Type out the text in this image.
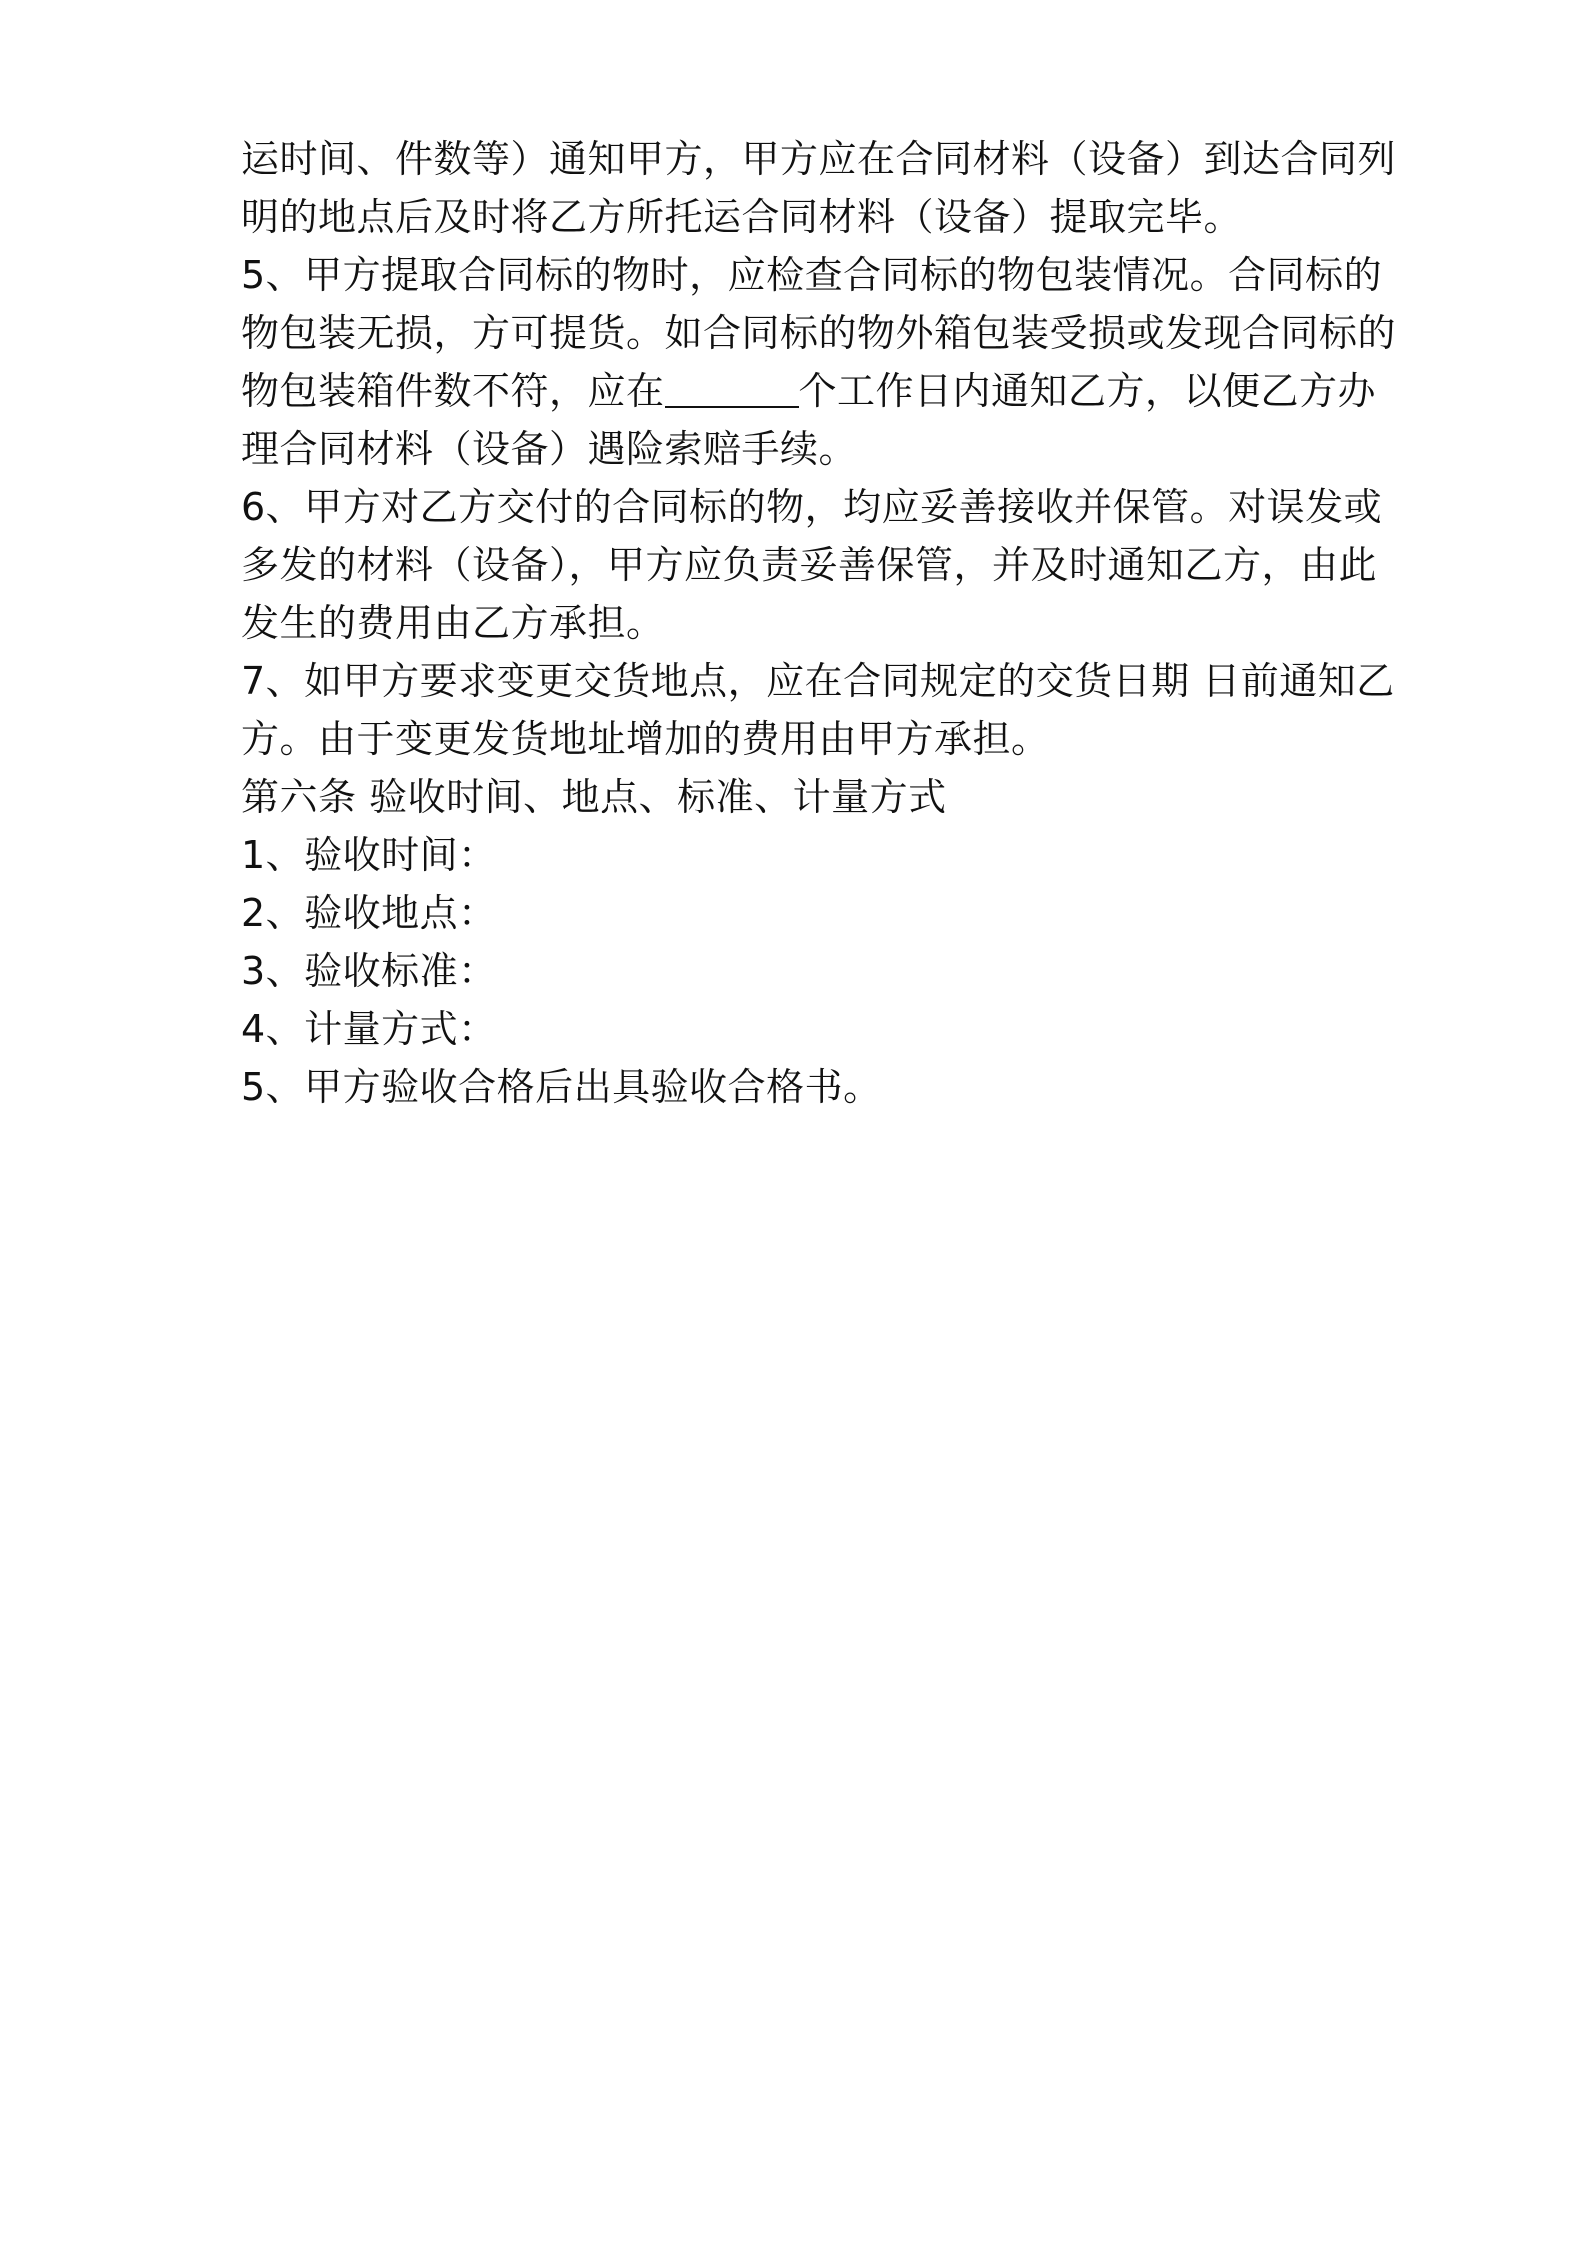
运时间、件数等）通知甲方，甲方应在合同材料（设备）到达合同列
明的地点后及时将乙方所托运合同材料（设备）提取完毕。
5、甲方提取合同标的物时，应检查合同标的物包装情况。合同标的
物包装无损，方可提货。如合同标的物外箱包装受损或发现合同标的
物包装箱件数不符，应在	个工作日内通知乙方，以便乙方办
理合同材料（设备）遇险索赔手续。
6、甲方对乙方交付的合同标的物，均应妥善接收并保管。对误发或
多发的材料（设备），甲方应负责妥善保管，并及时通知乙方，由此
发生的费用由乙方承担。
7、如甲方要求变更交货地点，应在合同规定的交货日期 日前通知乙
方。由于变更发货地址增加的费用由甲方承担。
第六条 验收时间、地点、标准、计量方式
1、验收时间：
2、验收地点：
3、验收标准：
4、计量方式：
5、甲方验收合格后出具验收合格书。
